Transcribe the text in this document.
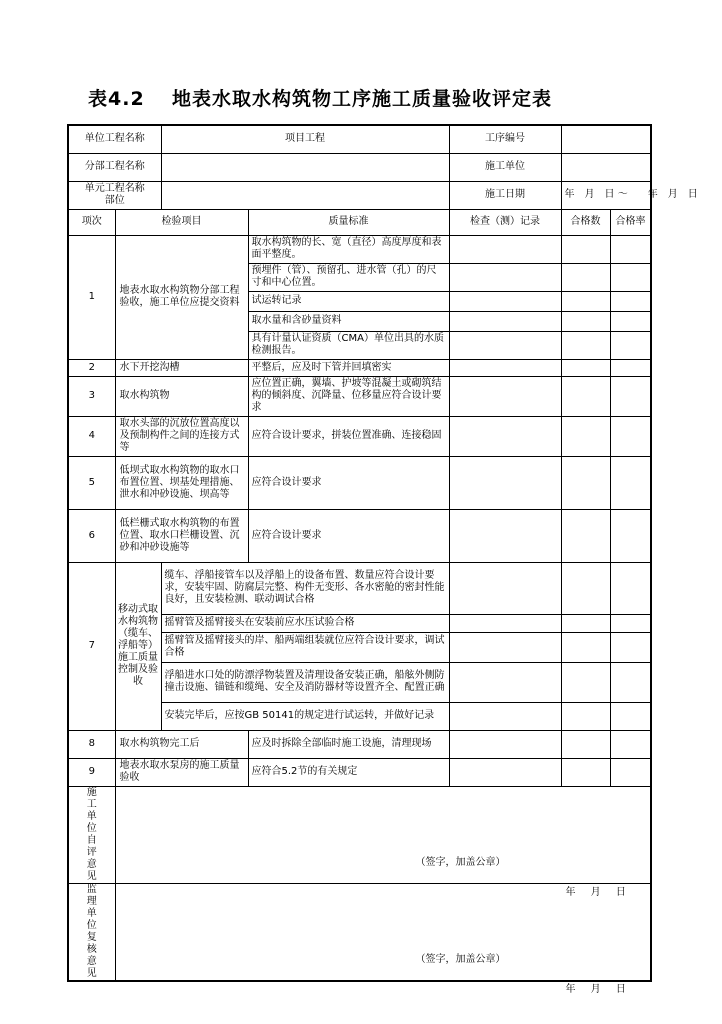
表4.2 地表水取水构筑物工序施工质量验收评定表
单位工程名称		项目工程		工序编号		
分部工程名称				施工单位		
单元工程名称
部位				施工日期	年　月　日 ～　　年　月　日	
项次	检验项目		质量标准	检查（测）记录	合格数	合格率
1	地表水取水构筑物分部工程验收，施工单位应提交资料		取水构筑物的长、宽（直径）高度厚度和表面平整度。			
			预埋件（管）、预留孔、进水管（孔）的尺寸和中心位置。			
			试运转记录			
			取水量和含砂量资料			
			具有计量认证资质（CMA）单位出具的水质检测报告。			
2	水下开挖沟槽		平整后，应及时下管并回填密实			
3	取水构筑物		应位置正确，翼墙、护坡等混凝土或砌筑结构的倾斜度、沉降量、位移量应符合设计要求			
4	取水头部的沉放位置高度以及预制构件之间的连接方式等		应符合设计要求，拼装位置准确、连接稳固			
5	低坝式取水构筑物的取水口布置位置、坝基处理措施、泄水和冲砂设施、坝高等		应符合设计要求			
6	低栏栅式取水构筑物的布置位置、取水口栏栅设置、沉砂和冲砂设施等		应符合设计要求			
7	移动式取水构筑物（缆车、浮船等）施工质量控制及验收	缆车、浮船接管车以及浮船上的设备布置、数量应符合设计要求，安装牢固、防腐层完整、构件无变形、各水密舱的密封性能良好，且安装检测、联动调试合格				
		摇臂管及摇臂接头在安装前应水压试验合格				
		摇臂管及摇臂接头的岸、船两端组装就位应符合设计要求，调试合格				
		浮船进水口处的防漂浮物装置及清理设备安装正确，船舷外侧防撞击设施、锚链和缆绳、安全及消防器材等设置齐全、配置正确				
		安装完毕后，应按GB 50141的规定进行试运转，并做好记录				
8	取水构筑物完工后		应及时拆除全部临时施工设施，清理现场			
9	地表水取水泵房的施工质量验收		应符合5.2节的有关规定			
施工单位自评意见	（签字，加盖公章）
年 月 日					

监理单位复核意见	（签字，加盖公章）
年 月 日					
